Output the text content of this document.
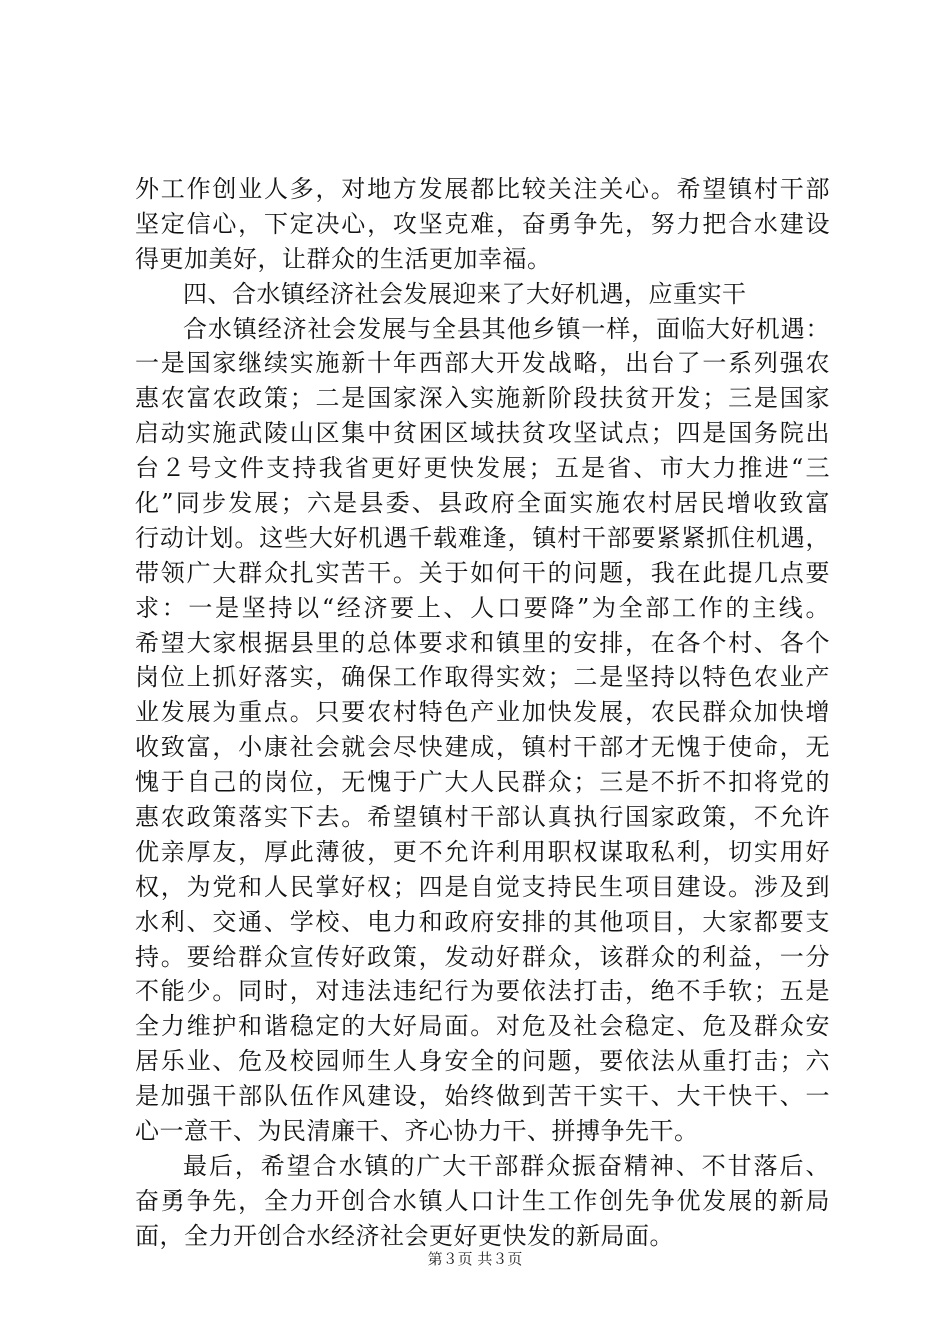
外工作创业人多，对地方发展都比较关注关心。希望镇村干部
坚定信心，下定决心，攻坚克难，奋勇争先，努力把合水建设
得更加美好，让群众的生活更加幸福。
四、合水镇经济社会发展迎来了大好机遇，应重实干
合水镇经济社会发展与全县其他乡镇一样，面临大好机遇：
一是国家继续实施新十年西部大开发战略，出台了一系列强农
惠农富农政策；二是国家深入实施新阶段扶贫开发；三是国家
启动实施武陵山区集中贫困区域扶贫攻坚试点；四是国务院出
台２号文件支持我省更好更快发展；五是省、市大力推进“三
化”同步发展；六是县委、县政府全面实施农村居民增收致富
行动计划。这些大好机遇千载难逢，镇村干部要紧紧抓住机遇，
带领广大群众扎实苦干。关于如何干的问题，我在此提几点要
求：一是坚持以“经济要上、人口要降”为全部工作的主线。
希望大家根据县里的总体要求和镇里的安排，在各个村、各个
岗位上抓好落实，确保工作取得实效；二是坚持以特色农业产
业发展为重点。只要农村特色产业加快发展，农民群众加快增
收致富，小康社会就会尽快建成，镇村干部才无愧于使命，无
愧于自己的岗位，无愧于广大人民群众；三是不折不扣将党的
惠农政策落实下去。希望镇村干部认真执行国家政策，不允许
优亲厚友，厚此薄彼，更不允许利用职权谋取私利，切实用好
权，为党和人民掌好权；四是自觉支持民生项目建设。涉及到
水利、交通、学校、电力和政府安排的其他项目，大家都要支
持。要给群众宣传好政策，发动好群众，该群众的利益，一分
不能少。同时，对违法违纪行为要依法打击，绝不手软；五是
全力维护和谐稳定的大好局面。对危及社会稳定、危及群众安
居乐业、危及校园师生人身安全的问题，要依法从重打击；六
是加强干部队伍作风建设，始终做到苦干实干、大干快干、一
心一意干、为民清廉干、齐心协力干、拼搏争先干。
最后，希望合水镇的广大干部群众振奋精神、不甘落后、
奋勇争先，全力开创合水镇人口计生工作创先争优发展的新局
面，全力开创合水经济社会更好更快发的新局面。
第３页 共３页
